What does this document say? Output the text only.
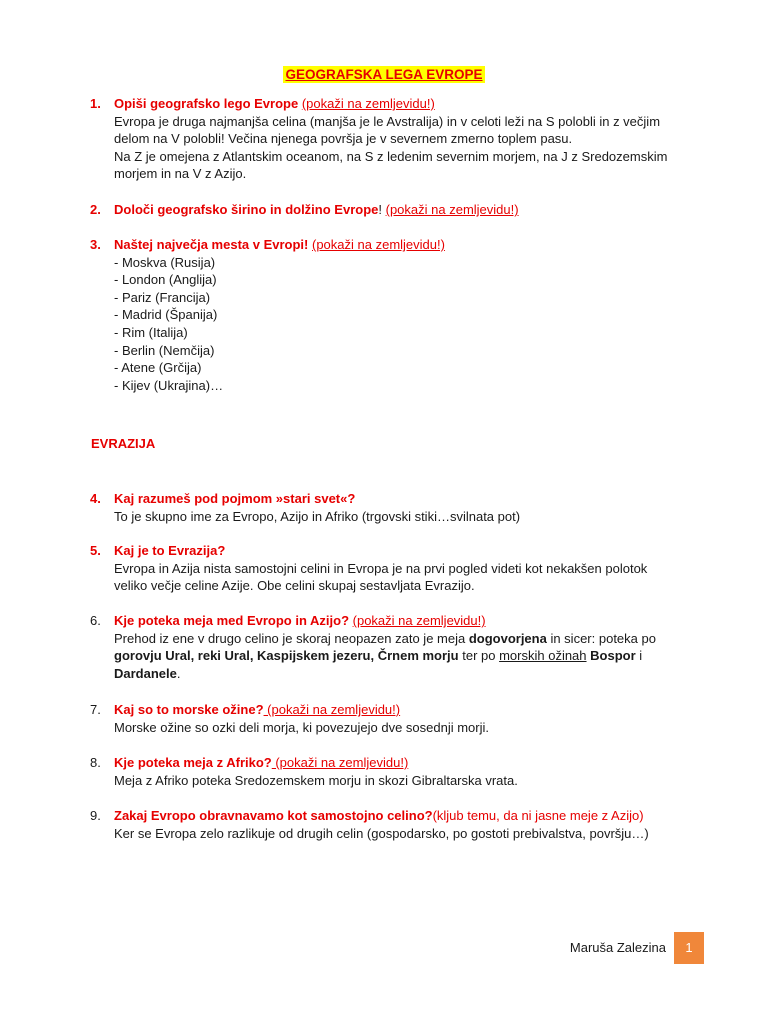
GEOGRAFSKA LEGA EVROPE
1. Opiši geografsko lego Evrope (pokaži na zemljevidu!)

Evropa je druga najmanjša celina (manjša je le Avstralija) in v celoti leži na S polobli in z večjim delom na V polobli! Večina njenega površja je v severnem zmerno toplem pasu.

Na Z je omejena z Atlantskim oceanom, na S z ledenim severnim morjem, na J z Sredozemskim morjem in na V z Azijo.

2. Določi geografsko širino in dolžino Evrope! (pokaži na zemljevidu!)
3. Naštej največja mesta v Evropi! (pokaži na zemljevidu!)
- Moskva (Rusija)
- London (Anglija)
- Pariz (Francija)
- Madrid (Španija)
- Rim (Italija)
- Berlin (Nemčija)
- Atene (Grčija)
- Kijev (Ukrajina)…
EVRAZIJA
4. Kaj razumeš pod pojmom »stari svet«?
To je skupno ime za Evropo, Azijo in Afriko (trgovski stiki…svilnata pot)
5. Kaj je to Evrazija?
Evropa in Azija nista samostojni celini in Evropa je na prvi pogled videti kot nekakšen polotok veliko večje celine Azije. Obe celini skupaj sestavljata Evrazijo.
6. Kje poteka meja med Evropo in Azijo? (pokaži na zemljevidu!)
Prehod iz ene v drugo celino je skoraj neopazen zato je meja dogovorjena in sicer: poteka po gorovju Ural, reki Ural, Kaspijskem jezeru, Črnem morju ter po morskih ožinah Bospor i Dardanele.
7. Kaj so to morske ožine? (pokaži na zemljevidu!)
Morske ožine so ozki deli morja, ki povezujejo dve sosednji morji.
8. Kje poteka meja z Afriko? (pokaži na zemljevidu!)
Meja z Afriko poteka Sredozemskem morju in skozi Gibraltarska vrata.
9. Zakaj Evropo obravnavamo kot samostojno celino?(kljub temu, da ni jasne meje z Azijo)
Ker se Evropa zelo razlikuje od drugih celin (gospodarsko, po gostoti prebivalstva, površju…)
Maruša Zalezina	1
